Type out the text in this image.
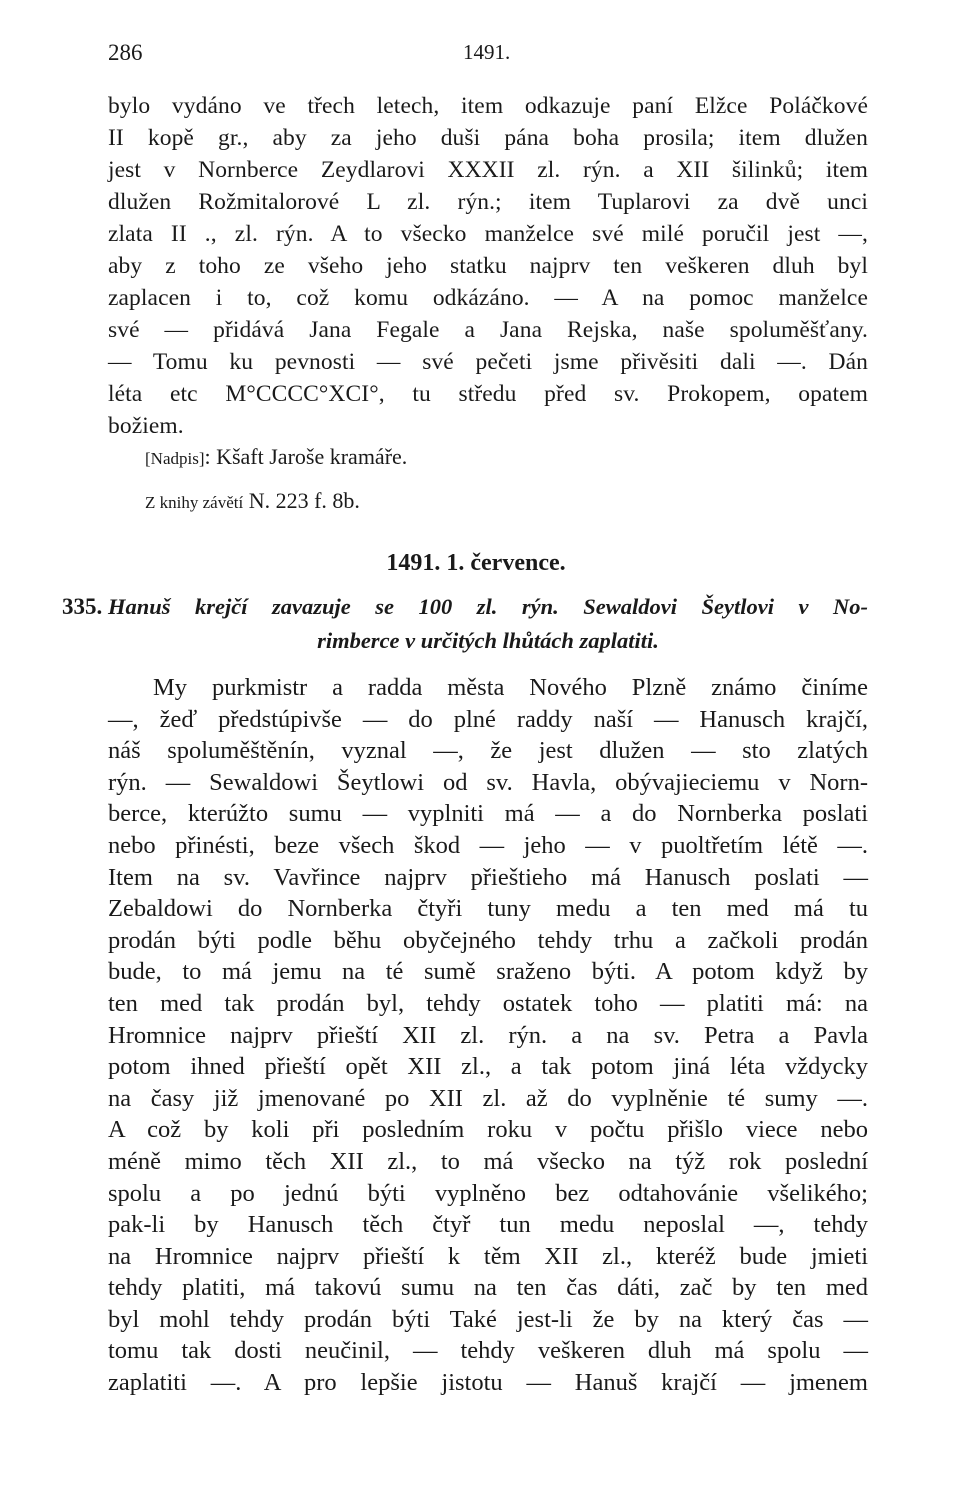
286	1491.
bylo vydáno ve třech letech, item odkazuje paní Elžce Poláčkové
II kopě gr., aby za jeho duši pána boha prosila; item dlužen
jest v Nornberce Zeydlarovi XXXII zl. rýn. a XII šilinků; item
dlužen Rožmitalorové L zl. rýn.; item Tuplarovi za dvě unci
zlata II ., zl. rýn. A to všecko manželce své milé poručil jest —,
aby z toho ze všeho jeho statku najprv ten veškeren dluh byl
zaplacen i to, což komu odkázáno. — A na pomoc manželce
své — přidává Jana Fegale a Jana Rejska, naše spoluměšťany.
— Tomu ku pevnosti — své pečeti jsme přivěsiti dali —. Dán
léta etc M°CCCC°XCI°, tu středu před sv. Prokopem, opatem
božiem.
[Nadpis]: Kšaft Jaroše kramáře.
Z knihy závětí N. 223 f. 8b.
1491. 1. července.
335. Hanuš krejčí zavazuje se 100 zl. rýn. Sewaldovi Šeytlovi v No-
rimberce v určitých lhůtách zaplatiti.
My purkmistr a radda města Nového Plzně známo činíme
—, žeď předstúpivše — do plné raddy naší — Hanusch krajčí,
náš spoluměštěnín, vyznal —, že jest dlužen — sto zlatých
rýn. — Sewaldowi Šeytlowi od sv. Havla, obývajieciemu v Norn-
berce, kterúžto sumu — vyplniti má — a do Nornberka poslati
nebo přinésti, beze všech škod — jeho — v puoltřetím létě —.
Item na sv. Vavřince najprv přieštieho má Hanusch poslati —
Zebaldowi do Nornberka čtyři tuny medu a ten med má tu
prodán býti podle běhu obyčejného tehdy trhu a začkoli prodán
bude, to má jemu na té sumě sraženo býti. A potom když by
ten med tak prodán byl, tehdy ostatek toho — platiti má: na
Hromnice najprv přieští XII zl. rýn. a na sv. Petra a Pavla
potom ihned přieští opět XII zl., a tak potom jiná léta vždycky
na časy již jmenované po XII zl. až do vyplněnie té sumy —.
A což by koli při posledním roku v počtu přišlo viece nebo
méně mimo těch XII zl., to má všecko na týž rok poslední
spolu a po jednú býti vyplněno bez odtahovánie všelikého;
pak-li by Hanusch těch čtyř tun medu neposlal —, tehdy
na Hromnice najprv přieští k těm XII zl., kteréž bude jmieti
tehdy platiti, má takovú sumu na ten čas dáti, zač by ten med
byl mohl tehdy prodán býti Také jest-li že by na který čas —
tomu tak dosti neučinil, — tehdy veškeren dluh má spolu —
zaplatiti —. A pro lepšie jistotu — Hanuš krajčí — jmenem
